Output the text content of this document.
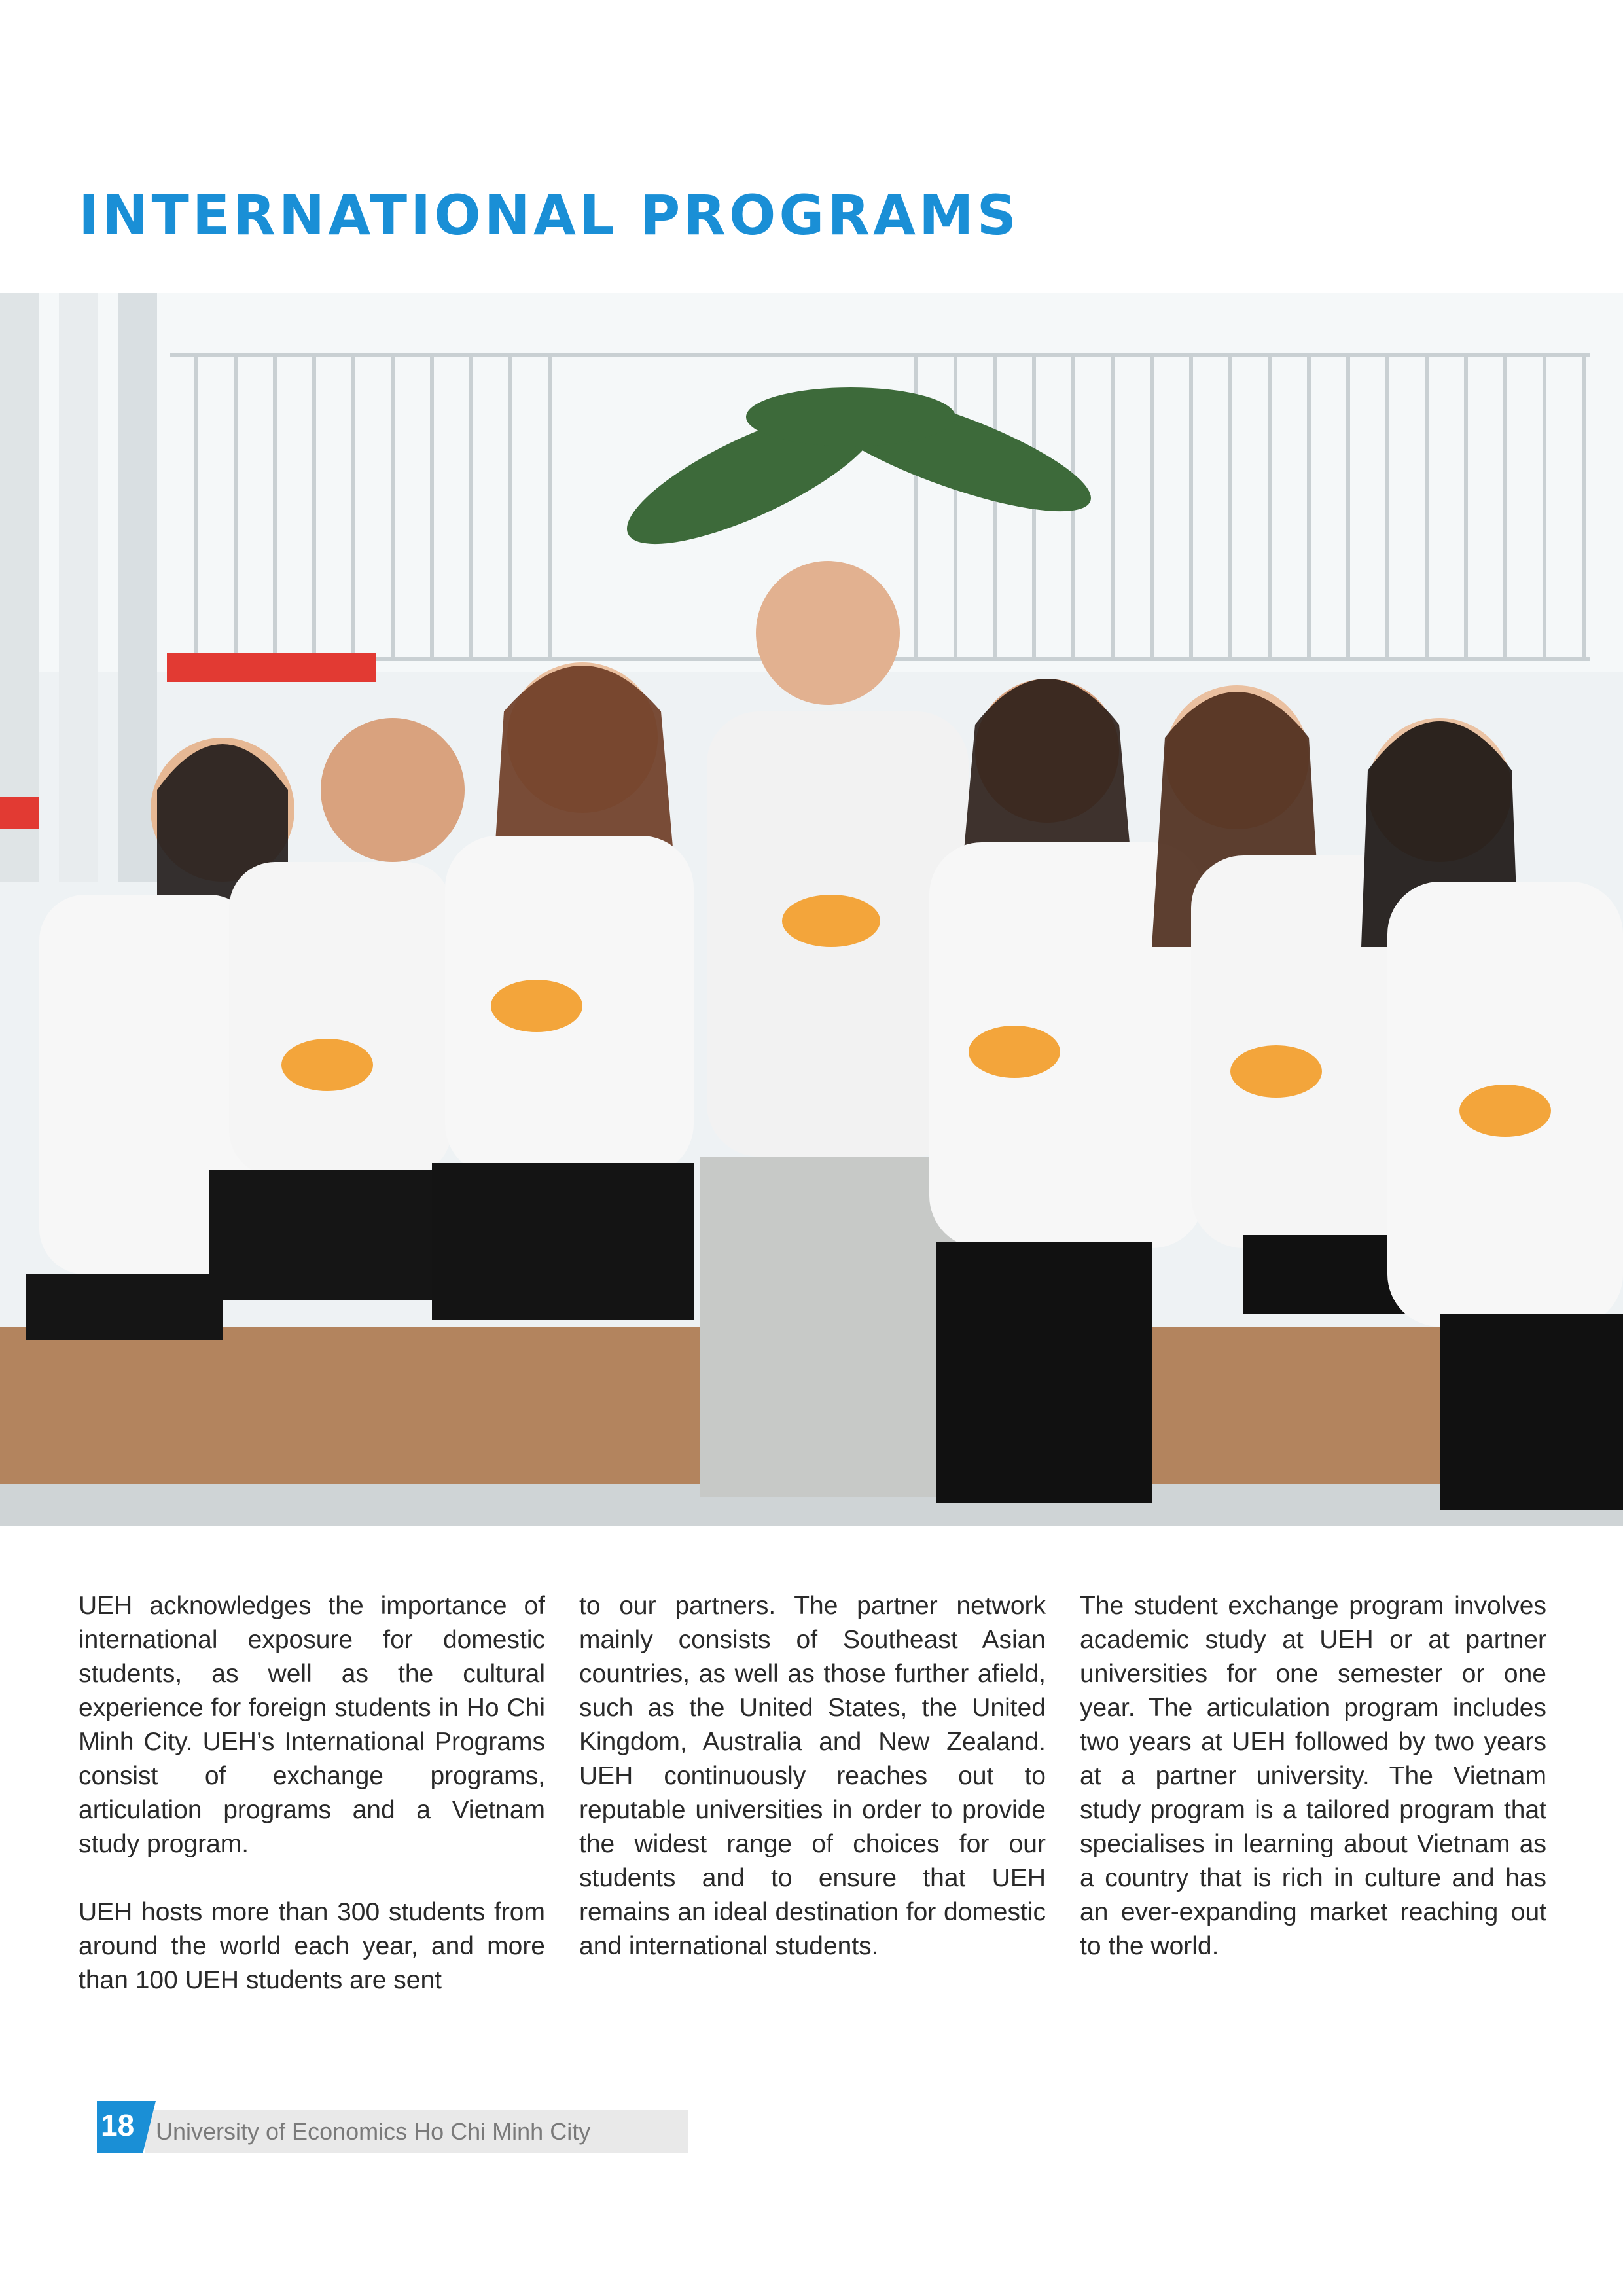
INTERNATIONAL PROGRAMS

UEH acknowledges the importance of international exposure for domestic students, as well as the cultural experience for foreign students in Ho Chi Minh City. UEH’s International Programs consist of exchange programs, articulation programs and a Vietnam study program.

UEH hosts more than 300 students from around the world each year, and more than 100 UEH students are sent

to our partners. The partner network mainly consists of Southeast Asian countries, as well as those further afield, such as the United States, the United Kingdom, Australia and New Zealand. UEH continuously reaches out to reputable universities in order to provide the widest range of choices for our students and to ensure that UEH remains an ideal destination for domestic and international students.

The student exchange program involves academic study at UEH or at partner universities for one semester or one year. The articulation program includes two years at UEH followed by two years at a partner university. The Vietnam study program is a tailored program that specialises in learning about Vietnam as a country that is rich in culture and has an ever-expanding market reaching out to the world.

18 University of Economics Ho Chi Minh City
